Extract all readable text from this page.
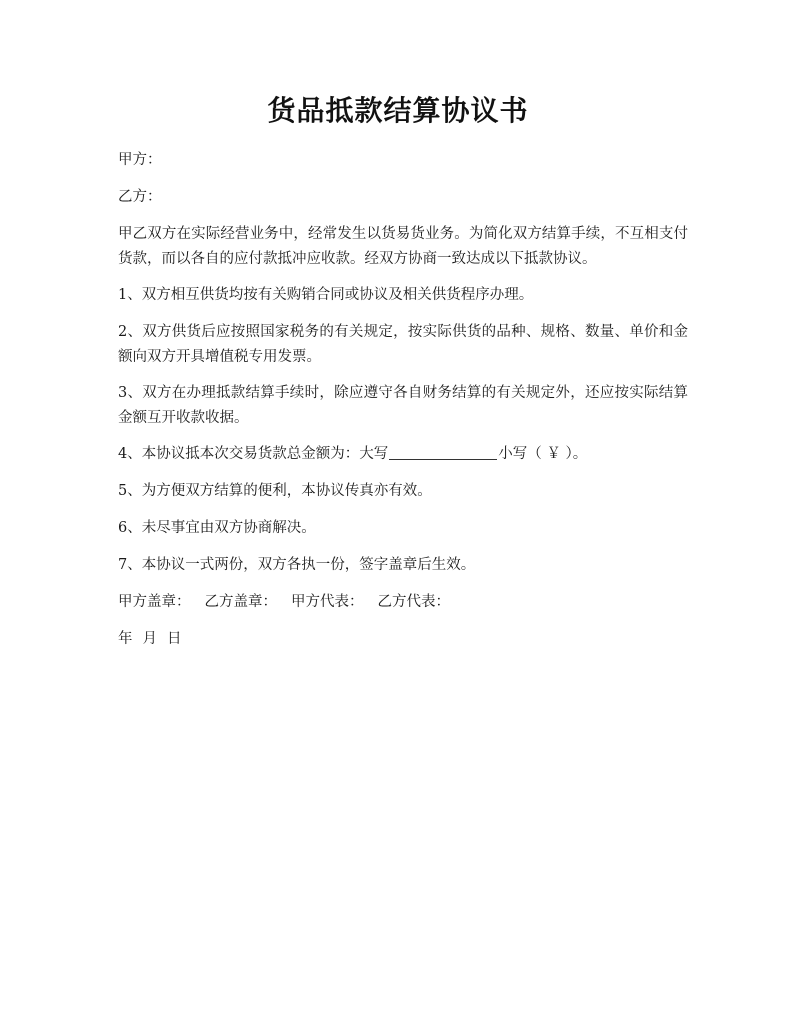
货品抵款结算协议书

甲方：

乙方：

甲乙双方在实际经营业务中，经常发生以货易货业务。为简化双方结算手续，不互相支付货款，而以各自的应付款抵冲应收款。经双方协商一致达成以下抵款协议。

1、双方相互供货均按有关购销合同或协议及相关供货程序办理。

2、双方供货后应按照国家税务的有关规定，按实际供货的品种、规格、数量、单价和金额向双方开具增值税专用发票。

3、双方在办理抵款结算手续时，除应遵守各自财务结算的有关规定外，还应按实际结算金额互开收款收据。

4、本协议抵本次交易货款总金额为：大写	小写（ ￥ ）。

5、为方便双方结算的便利，本协议传真亦有效。

6、未尽事宜由双方协商解决。

7、本协议一式两份，双方各执一份，签字盖章后生效。

甲方盖章： 乙方盖章： 甲方代表： 乙方代表：

年 月 日
